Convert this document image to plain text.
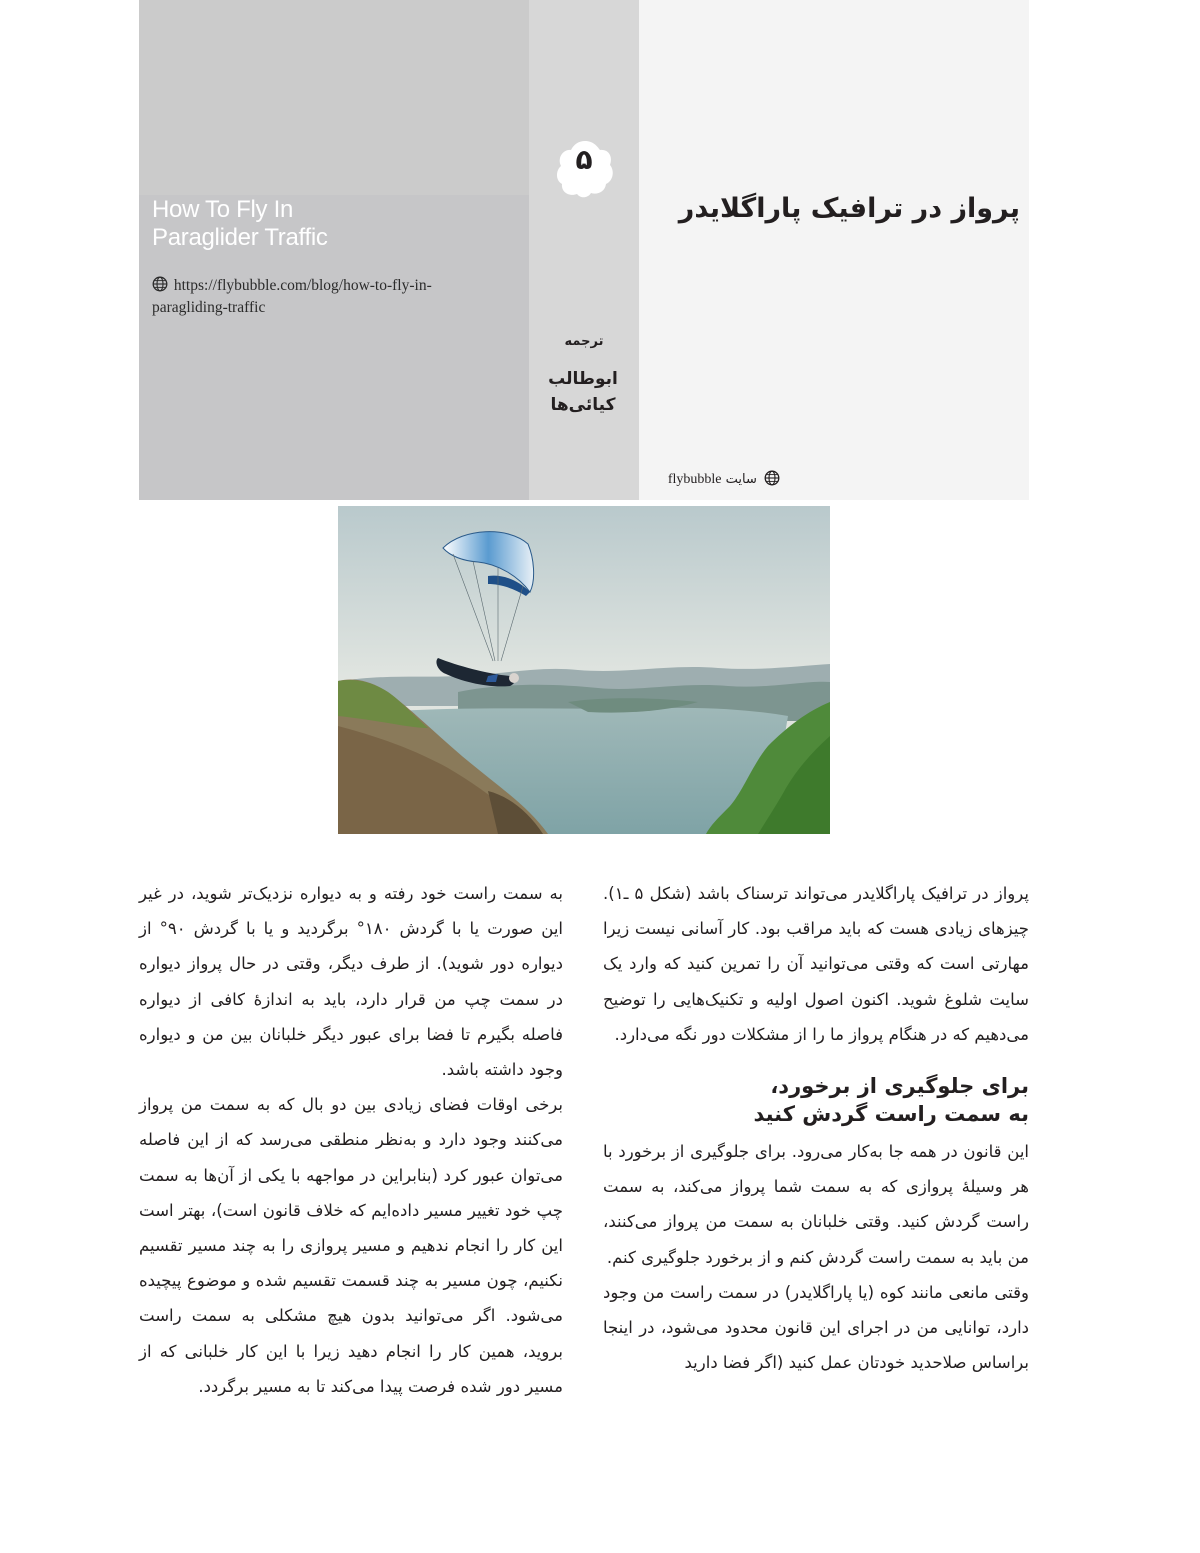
How To Fly In
Paraglider Traffic
https://flybubble.com/blog/how-to-fly-in-
paragliding-traffic
۵
ترجمه
ابوطالب
کیائی‌ها
پرواز در ترافیک پاراگلایدر
سایت flybubble

پرواز در ترافیک پاراگلایدر می‌تواند ترسناک باشد (شکل ۵ ـ۱). چیزهای زیادی هست که باید مراقب بود. کار آسانی نیست زیرا مهارتی است که وقتی می‌توانید آن را تمرین کنید که وارد یک سایت شلوغ شوید. اکنون اصول اولیه و تکنیک‌هایی را توضیح می‌دهیم که در هنگام پرواز ما را از مشکلات دور نگه می‌دارد.

برای جلوگیری از برخورد،
به سمت راست گردش کنید

این قانون در همه جا به‌کار می‌رود. برای جلوگیری از برخورد با هر وسیلهٔ پروازی که به سمت شما پرواز می‌کند، به سمت راست گردش کنید. وقتی خلبانان به سمت من پرواز می‌کنند، من باید به سمت راست گردش کنم و از برخورد جلوگیری کنم.

وقتی مانعی مانند کوه (یا پاراگلایدر) در سمت راست من وجود دارد، توانایی من در اجرای این قانون محدود می‌شود، در اینجا براساس صلاحدید خودتان عمل کنید (اگر فضا دارید

به سمت راست خود رفته و به دیواره نزدیک‌تر شوید، در غیر این صورت یا با گردش ۱۸۰° برگردید و یا با گردش ۹۰° از دیواره دور شوید). از طرف دیگر، وقتی در حال پرواز دیواره در سمت چپ من قرار دارد، باید به اندازهٔ کافی از دیواره فاصله بگیرم تا فضا برای عبور دیگر خلبانان بین من و دیواره وجود داشته باشد.

برخی اوقات فضای زیادی بین دو بال که به سمت من پرواز می‌کنند وجود دارد و به‌نظر منطقی می‌رسد که از این فاصله می‌توان عبور کرد (بنابراین در مواجهه با یکی از آن‌ها به سمت چپ خود تغییر مسیر داده‌ایم که خلاف قانون است)، بهتر است این کار را انجام ندهیم و مسیر پروازی را به چند مسیر تقسیم نکنیم، چون مسیر به چند قسمت تقسیم شده و موضوع پیچیده می‌شود. اگر می‌توانید بدون هیچ مشکلی به سمت راست بروید، همین کار را انجام دهید زیرا با این کار خلبانی که از مسیر دور شده فرصت پیدا می‌کند تا به مسیر برگردد.
